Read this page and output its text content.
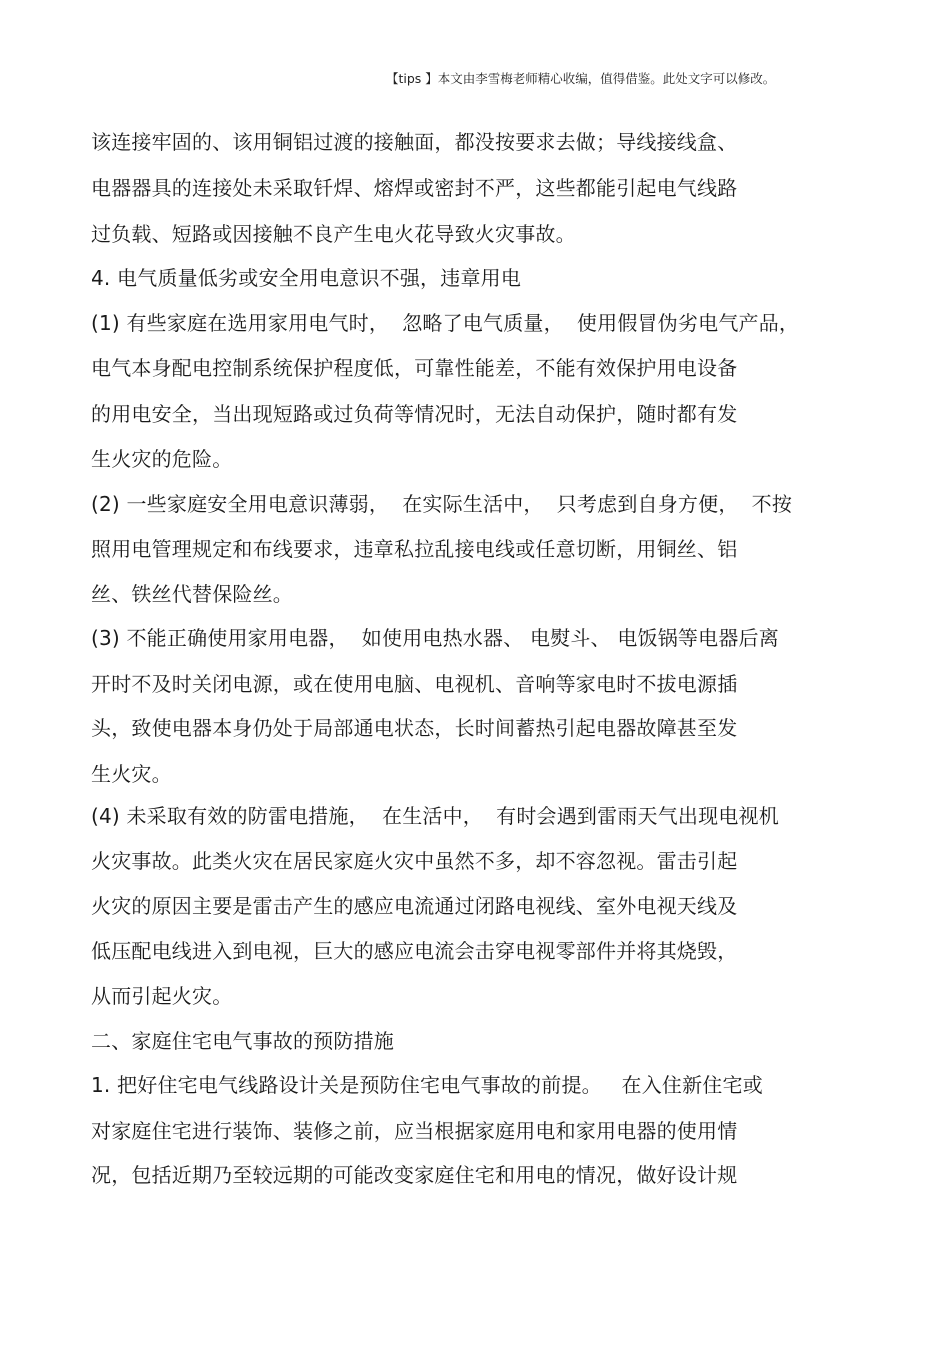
【tips 】本文由李雪梅老师精心收编，值得借鉴。此处文字可以修改。
该连接牢固的、该用铜铝过渡的接触面，都没按要求去做；导线接线盒、
电器器具的连接处未采取钎焊、熔焊或密封不严，这些都能引起电气线路
过负载、短路或因接触不良产生电火花导致火灾事故。
4. 电气质量低劣或安全用电意识不强，违章用电
(1) 有些家庭在选用家用电气时，  忽略了电气质量，  使用假冒伪劣电气产品，
电气本身配电控制系统保护程度低，可靠性能差，不能有效保护用电设备
的用电安全，当出现短路或过负荷等情况时，无法自动保护，随时都有发
生火灾的危险。
(2) 一些家庭安全用电意识薄弱，  在实际生活中，  只考虑到自身方便，  不按
照用电管理规定和布线要求，违章私拉乱接电线或任意切断，用铜丝、铝
丝、铁丝代替保险丝。
(3) 不能正确使用家用电器，  如使用电热水器、 电熨斗、 电饭锅等电器后离
开时不及时关闭电源，或在使用电脑、电视机、音响等家电时不拔电源插
头，致使电器本身仍处于局部通电状态，长时间蓄热引起电器故障甚至发
生火灾。
(4) 未采取有效的防雷电措施，  在生活中，  有时会遇到雷雨天气出现电视机
火灾事故。此类火灾在居民家庭火灾中虽然不多，却不容忽视。雷击引起
火灾的原因主要是雷击产生的感应电流通过闭路电视线、室外电视天线及
低压配电线进入到电视，巨大的感应电流会击穿电视零部件并将其烧毁，
从而引起火灾。
二、家庭住宅电气事故的预防措施
1. 把好住宅电气线路设计关是预防住宅电气事故的前提。   在入住新住宅或
对家庭住宅进行装饰、装修之前，应当根据家庭用电和家用电器的使用情
况，包括近期乃至较远期的可能改变家庭住宅和用电的情况，做好设计规
